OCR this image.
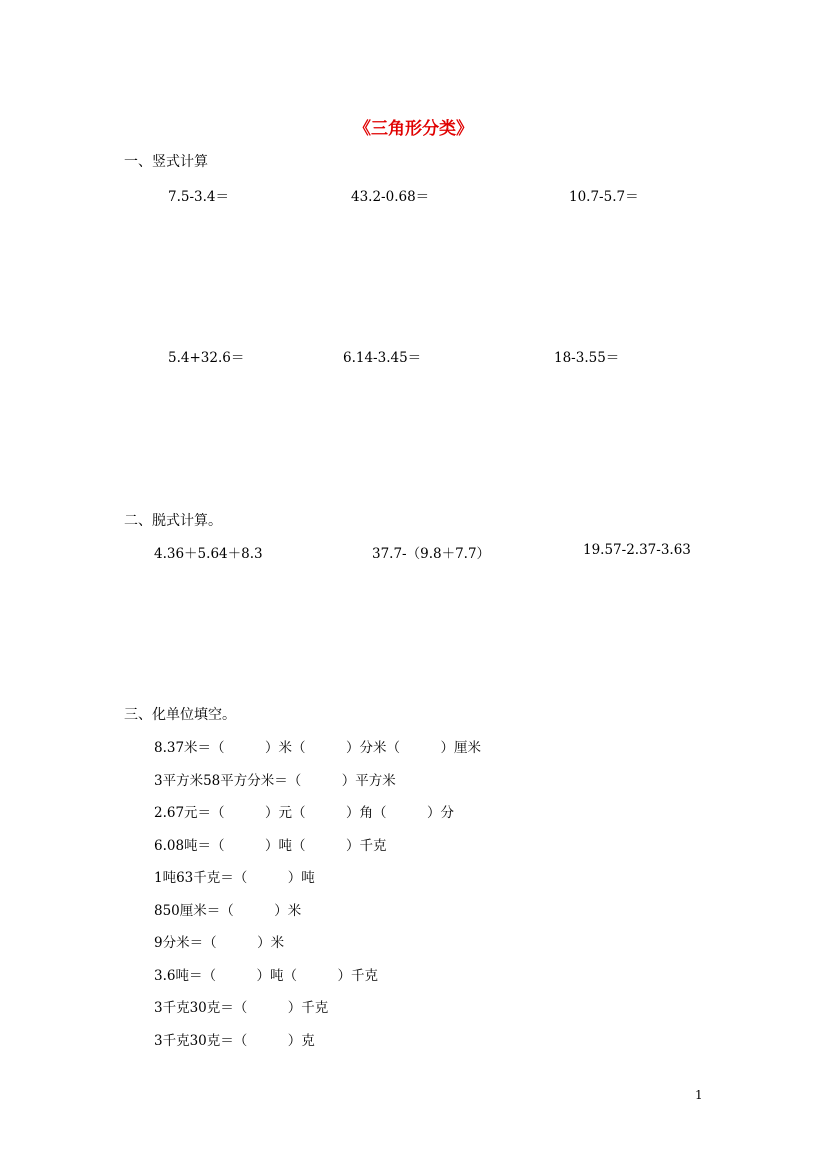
《三角形分类》
一、竖式计算
7.5-3.4＝	43.2-0.68＝	10.7-5.7＝
5.4+32.6＝	6.14-3.45＝	18-3.55＝
二、脱式计算。
4.36＋5.64＋8.3	37.7-（9.8＋7.7）	19.57-2.37-3.63
三、化单位填空。
8.37米＝（　　　）米（　　　）分米（　　　）厘米
3平方米58平方分米＝（　　　）平方米
2.67元＝（　　　）元（　　　）角（　　　）分
6.08吨＝（　　　）吨（　　　）千克
1吨63千克＝（　　　）吨
850厘米＝（　　　）米
9分米＝（　　　）米
3.6吨＝（　　　）吨（　　　）千克
3千克30克＝（　　　）千克
3千克30克＝（　　　）克
1
